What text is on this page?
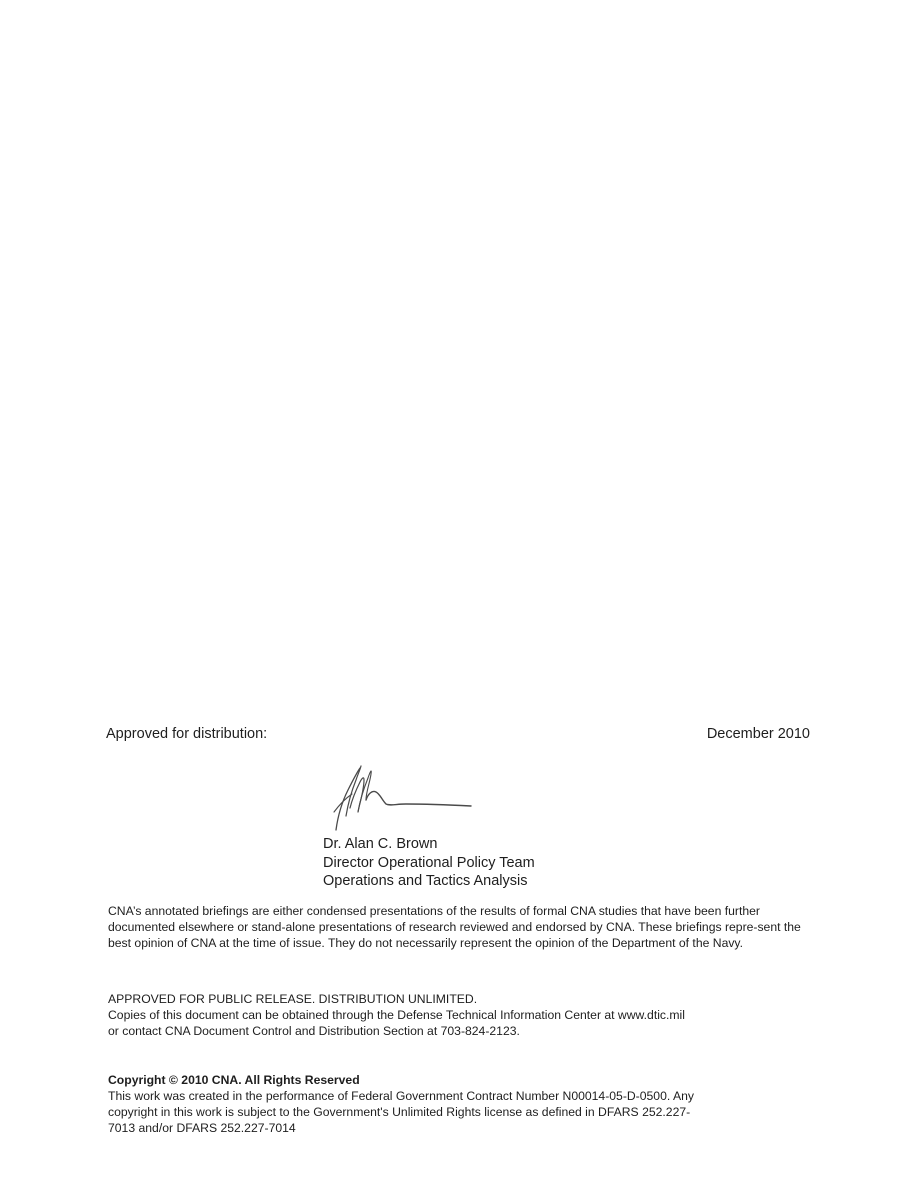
Approved for distribution:	December 2010
Dr. Alan C. Brown
Director Operational Policy Team
Operations and Tactics Analysis

CNA’s annotated briefings are either condensed presentations of the results of formal CNA studies that have been further documented elsewhere or stand-alone presentations of research reviewed and endorsed by CNA. These briefings repre-sent the best opinion of CNA at the time of issue. They do not necessarily represent the opinion of the Department of the Navy.

APPROVED FOR PUBLIC RELEASE. DISTRIBUTION UNLIMITED.
Copies of this document can be obtained through the Defense Technical Information Center at www.dtic.mil
or contact CNA Document Control and Distribution Section at 703-824-2123.
Copyright © 2010 CNA. All Rights Reserved
This work was created in the performance of Federal Government Contract Number N00014-05-D-0500. Any
copyright in this work is subject to the Government's Unlimited Rights license as defined in DFARS 252.227-
7013 and/or DFARS 252.227-7014
